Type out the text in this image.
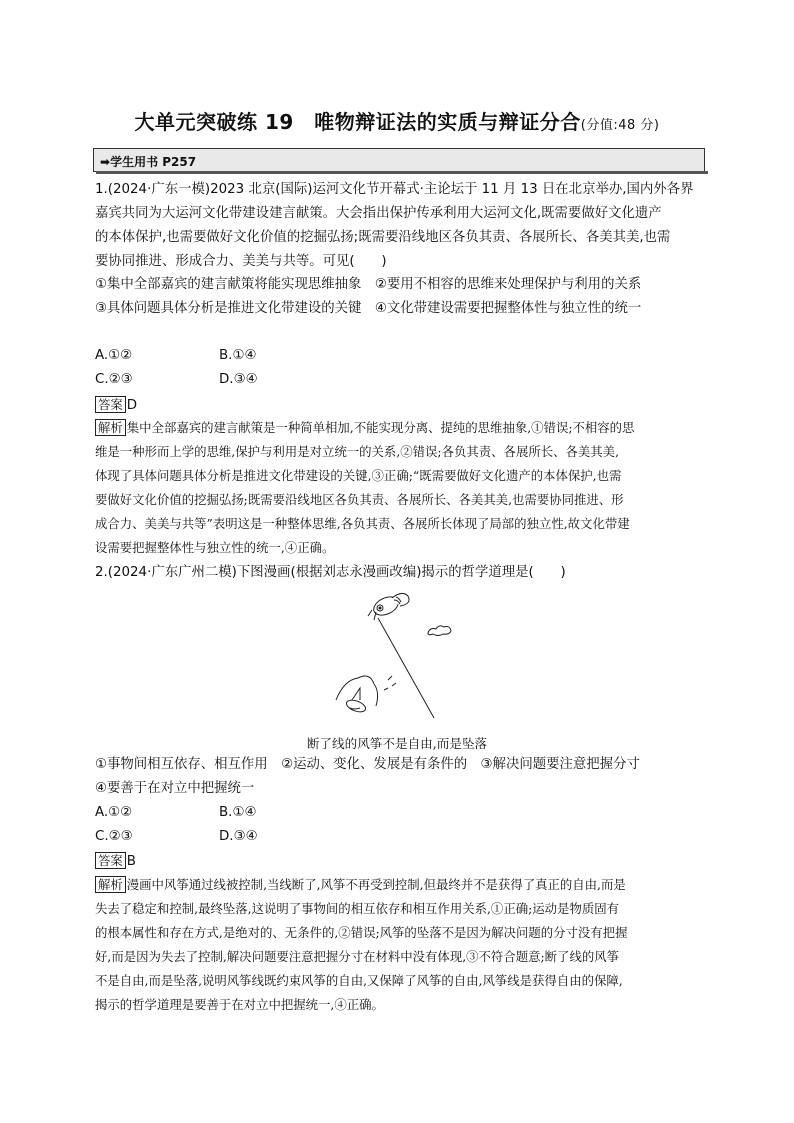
大单元突破练 19　唯物辩证法的实质与辩证分合(分值:48 分)
➡学生用书 P257
1.(2024·广东一模)2023 北京(国际)运河文化节开幕式·主论坛于 11 月 13 日在北京举办,国内外各界
嘉宾共同为大运河文化带建设建言献策。大会指出保护传承利用大运河文化,既需要做好文化遗产
的本体保护,也需要做好文化价值的挖掘弘扬;既需要沿线地区各负其责、各展所长、各美其美,也需
要协同推进、形成合力、美美与共等。可见(　　)
①集中全部嘉宾的建言献策将能实现思维抽象　②要用不相容的思维来处理保护与利用的关系
③具体问题具体分析是推进文化带建设的关键　④文化带建设需要把握整体性与独立性的统一
A.①②	B.①④
C.②③	D.③④
答案 D
解析 集中全部嘉宾的建言献策是一种简单相加,不能实现分离、提纯的思维抽象,①错误;不相容的思
维是一种形而上学的思维,保护与利用是对立统一的关系,②错误;各负其责、各展所长、各美其美,
体现了具体问题具体分析是推进文化带建设的关键,③正确;“既需要做好文化遗产的本体保护,也需
要做好文化价值的挖掘弘扬;既需要沿线地区各负其责、各展所长、各美其美,也需要协同推进、形
成合力、美美与共等”表明这是一种整体思维,各负其责、各展所长体现了局部的独立性,故文化带建
设需要把握整体性与独立性的统一,④正确。
2.(2024·广东广州二模)下图漫画(根据刘志永漫画改编)揭示的哲学道理是(　　)
断了线的风筝不是自由,而是坠落
①事物间相互依存、相互作用　②运动、变化、发展是有条件的　③解决问题要注意把握分寸
④要善于在对立中把握统一
A.①②	B.①④
C.②③	D.③④
答案 B
解析 漫画中风筝通过线被控制,当线断了,风筝不再受到控制,但最终并不是获得了真正的自由,而是
失去了稳定和控制,最终坠落,这说明了事物间的相互依存和相互作用关系,①正确;运动是物质固有
的根本属性和存在方式,是绝对的、无条件的,②错误;风筝的坠落不是因为解决问题的分寸没有把握
好,而是因为失去了控制,解决问题要注意把握分寸在材料中没有体现,③不符合题意;断了线的风筝
不是自由,而是坠落,说明风筝线既约束风筝的自由,又保障了风筝的自由,风筝线是获得自由的保障,
揭示的哲学道理是要善于在对立中把握统一,④正确。
